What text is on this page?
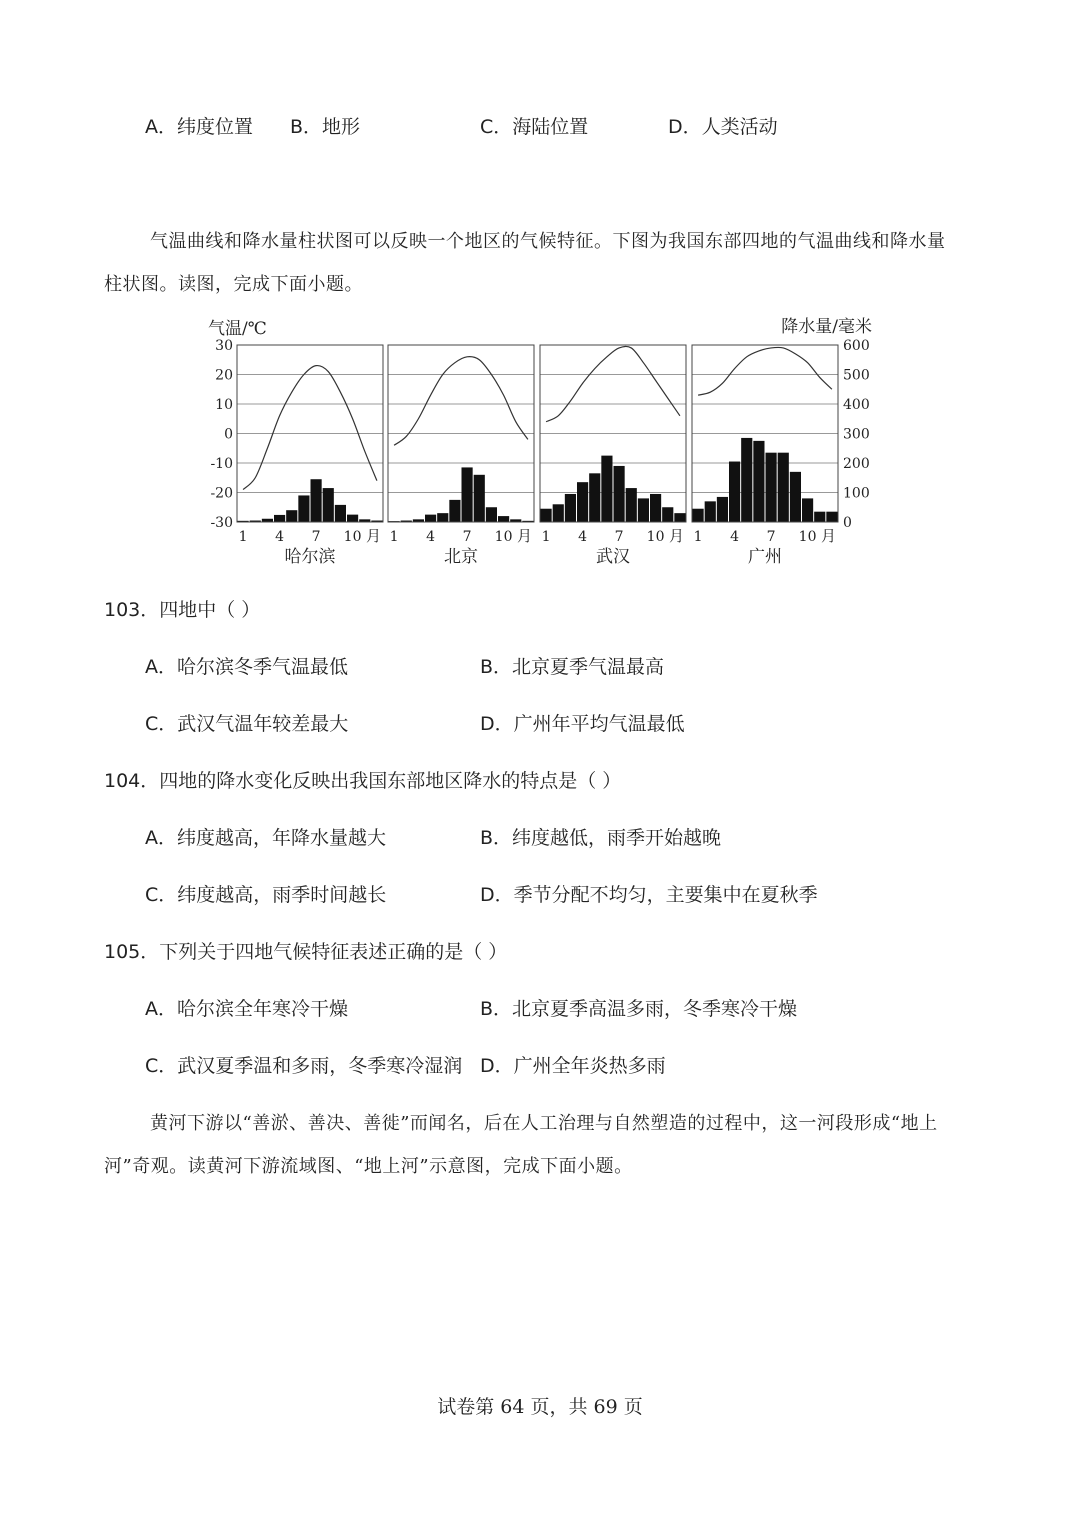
A．纬度位置 B．地形	C．海陆位置	D．人类活动
气温曲线和降水量柱状图可以反映一个地区的气候特征。下图为我国东部四地的气温曲线和降水量
柱状图。读图，完成下面小题。
气温/℃	降水量/毫米
30
20
10
0
-10
-20
-30
600
500
400
300
200
100
0
1 4 7 10 月
哈尔滨
1 4 7 10 月
北京
1 4 7 10 月
武汉
1 4 7 10 月
广州
103．四地中（ ）
A．哈尔滨冬季气温最低	B．北京夏季气温最高
C．武汉气温年较差最大	D．广州年平均气温最低
104．四地的降水变化反映出我国东部地区降水的特点是（ ）
A．纬度越高，年降水量越大	B．纬度越低，雨季开始越晚
C．纬度越高，雨季时间越长	D．季节分配不均匀，主要集中在夏秋季
105．下列关于四地气候特征表述正确的是（ ）
A．哈尔滨全年寒冷干燥	B．北京夏季高温多雨，冬季寒冷干燥
C．武汉夏季温和多雨，冬季寒冷湿润 D．广州全年炎热多雨
黄河下游以“善淤、善决、善徙”而闻名，后在人工治理与自然塑造的过程中，这一河段形成“地上
河”奇观。读黄河下游流域图、“地上河”示意图，完成下面小题。
试卷第 64 页，共 69 页
